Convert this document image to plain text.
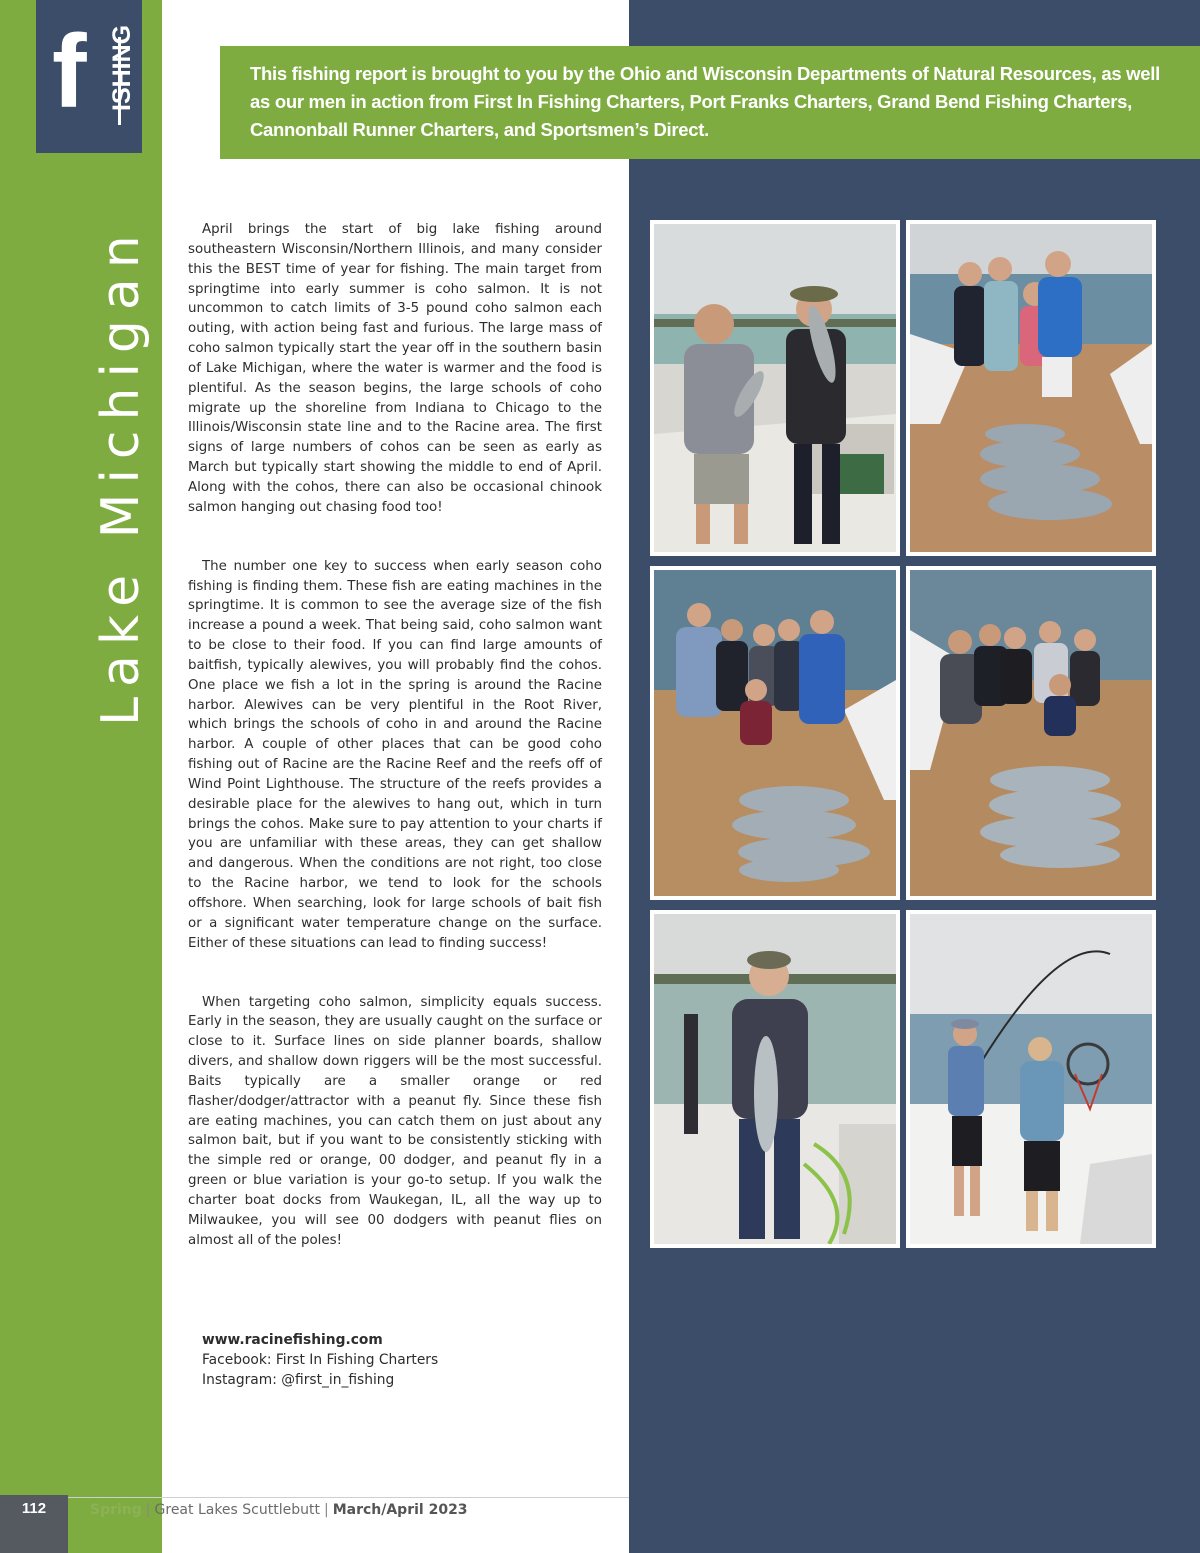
f ISHING
Lake Michigan
This fishing report is brought to you by the Ohio and Wisconsin Departments of Natural Resources, as well as our men in action from First In Fishing Charters, Port Franks Charters, Grand Bend Fishing Charters, Cannonball Runner Charters, and Sportsmen’s Direct.

April brings the start of big lake fishing around southeastern Wisconsin/Northern Illinois, and many consider this the BEST time of year for fishing. The main target from springtime into early summer is coho salmon. It is not uncommon to catch limits of 3-5 pound coho salmon each outing, with action being fast and furious. The large mass of coho salmon typically start the year off in the southern basin of Lake Michigan, where the water is warmer and the food is plentiful. As the season begins, the large schools of coho migrate up the shoreline from Indiana to Chicago to the Illinois/Wisconsin state line and to the Racine area. The first signs of large numbers of cohos can be seen as early as March but typically start showing the middle to end of April. Along with the cohos, there can also be occasional chinook salmon hanging out chasing food too!

The number one key to success when early season coho fishing is finding them. These fish are eating machines in the springtime. It is common to see the average size of the fish increase a pound a week. That being said, coho salmon want to be close to their food. If you can find large amounts of baitfish, typically alewives, you will probably find the cohos. One place we fish a lot in the spring is around the Racine harbor. Alewives can be very plentiful in the Root River, which brings the schools of coho in and around the Racine harbor. A couple of other places that can be good coho fishing out of Racine are the Racine Reef and the reefs off of Wind Point Lighthouse. The structure of the reefs provides a desirable place for the alewives to hang out, which in turn brings the cohos. Make sure to pay attention to your charts if you are unfamiliar with these areas, they can get shallow and dangerous. When the conditions are not right, too close to the Racine harbor, we tend to look for the schools offshore. When searching, look for large schools of bait fish or a significant water temperature change on the surface. Either of these situations can lead to finding success!

When targeting coho salmon, simplicity equals success. Early in the season, they are usually caught on the surface or close to it. Surface lines on side planner boards, shallow divers, and shallow down riggers will be the most successful. Baits typically are a smaller orange or red flasher/dodger/attractor with a peanut fly. Since these fish are eating machines, you can catch them on just about any salmon bait, but if you want to be consistently sticking with the simple red or orange, 00 dodger, and peanut fly in a green or blue variation is your go-to setup. If you walk the charter boat docks from Waukegan, IL, all the way up to Milwaukee, you will see 00 dodgers with peanut flies on almost all of the poles!

www.racinefishing.com
Facebook: First In Fishing Charters
Instagram: @first_in_fishing
112	Spring | Great Lakes Scuttlebutt | March/April 2023
